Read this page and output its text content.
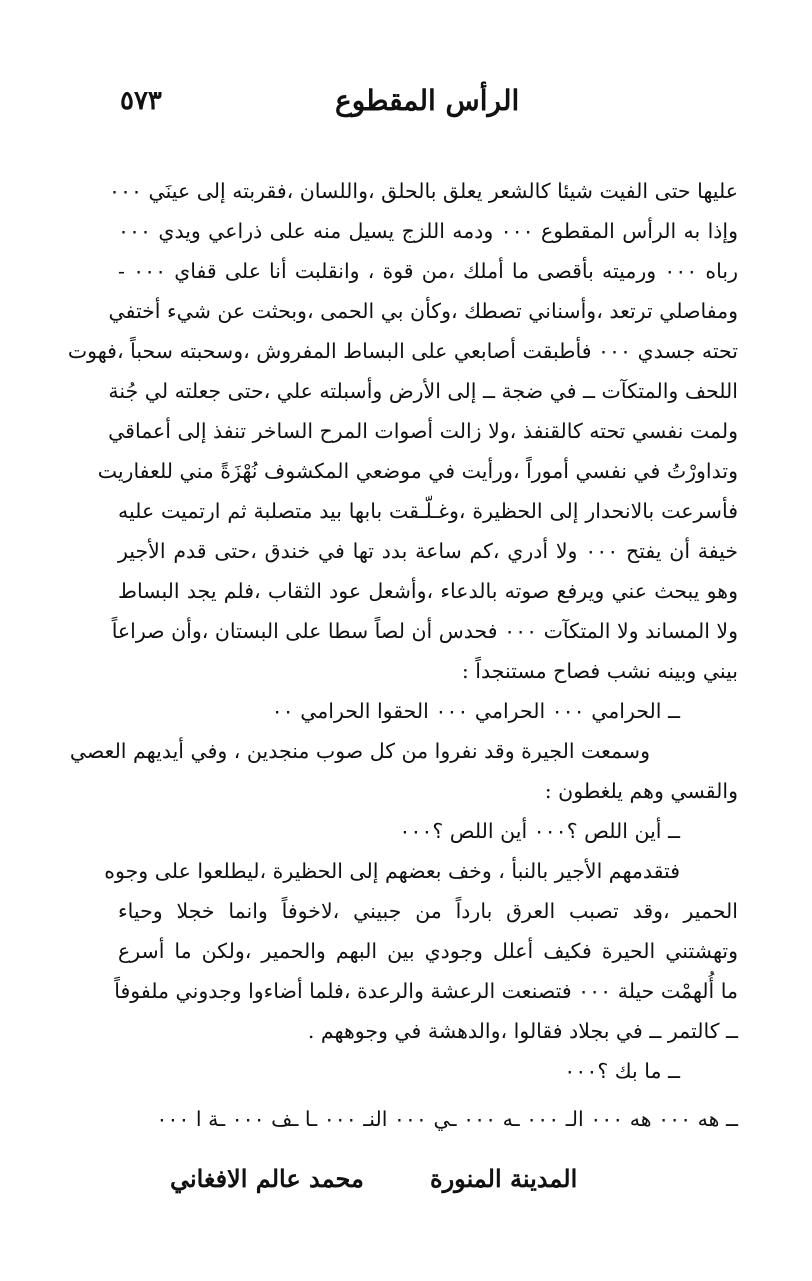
٥٧٣	الرأس المقطوع
عليها حتى الفيت شيئا كالشعر يعلق بالحلق ،واللسان ،فقربته إلى عينَي ٠٠٠
وإذا به الرأس المقطوع ٠٠٠ ودمه اللزج يسيل منه على ذراعي ويدي ٠٠٠
رباه ٠٠٠ ورميته بأقصى ما أملك ،من قوة ، وانقلبت أنا على قفاي ٠٠٠ -
ومفاصلي ترتعد ،وأسناني تصطك ،وكأن بي الحمى ،وبحثت عن شيء أختفي
تحته جسدي ٠٠٠ فأطبقت أصابعي على البساط المفروش ،وسحبته سحباً ،فهوت
اللحف والمتكآت ــ في ضجة ــ إلى الأرض وأسبلته علي ،حتى جعلته لي جُنة
ولمت نفسي تحته كالقنفذ ،ولا زالت أصوات المرح الساخر تنفذ إلى أعماقي
وتداورْتُ في نفسي أموراً ،ورأيت في موضعي المكشوف نُهْزَةً مني للعفاريت
فأسرعت بالانحدار إلى الحظيرة ،وغـلّـقت بابها بيد متصلبة ثم ارتميت عليه
خيفة أن يفتح ٠٠٠ ولا أدري ،كم ساعة بدد تها في خندق ،حتى قدم الأجير
وهو يبحث عني ويرفع صوته بالدعاء ،وأشعل عود الثقاب ،فلم يجد البساط
ولا المساند ولا المتكآت ٠٠٠ فحدس أن لصاً سطا على البستان ،وأن صراعاً
بيني وبينه نشب فصاح مستنجداً :
ــ الحرامي ٠٠٠ الحرامي ٠٠٠ الحقوا الحرامي ٠٠
وسمعت الجيرة وقد نفروا من كل صوب منجدين ، وفي أيديهم العصي
والقسي وهم يلغطون :
ــ أين اللص ؟٠٠٠ أين اللص ؟٠٠٠
فتقدمهم الأجير بالنبأ ، وخف بعضهم إلى الحظيرة ،ليطلعوا على وجوه
الحمير ،وقد تصبب العرق بارداً من جبيني ،لاخوفاً وانما خجلا وحياء
وتهشتني الحيرة فكيف أعلل وجودي بين البهم والحمير ،ولكن ما أسرع
ما أُلهمْت حيلة ٠٠٠ فتصنعت الرعشة والرعدة ،فلما أضاءوا وجدوني ملفوفاً
ــ كالتمر ــ في بجلاد فقالوا ،والدهشة في وجوههم .
ــ ما بك ؟٠٠٠
ــ هه ٠٠٠ هه ٠٠٠ الـ ٠٠٠ ـه ٠٠٠ ـي ٠٠٠ النـ ٠٠٠ ـا ـف ٠٠٠ ـة ا ٠٠٠
محمد عالم الافغاني	المدينة المنورة
